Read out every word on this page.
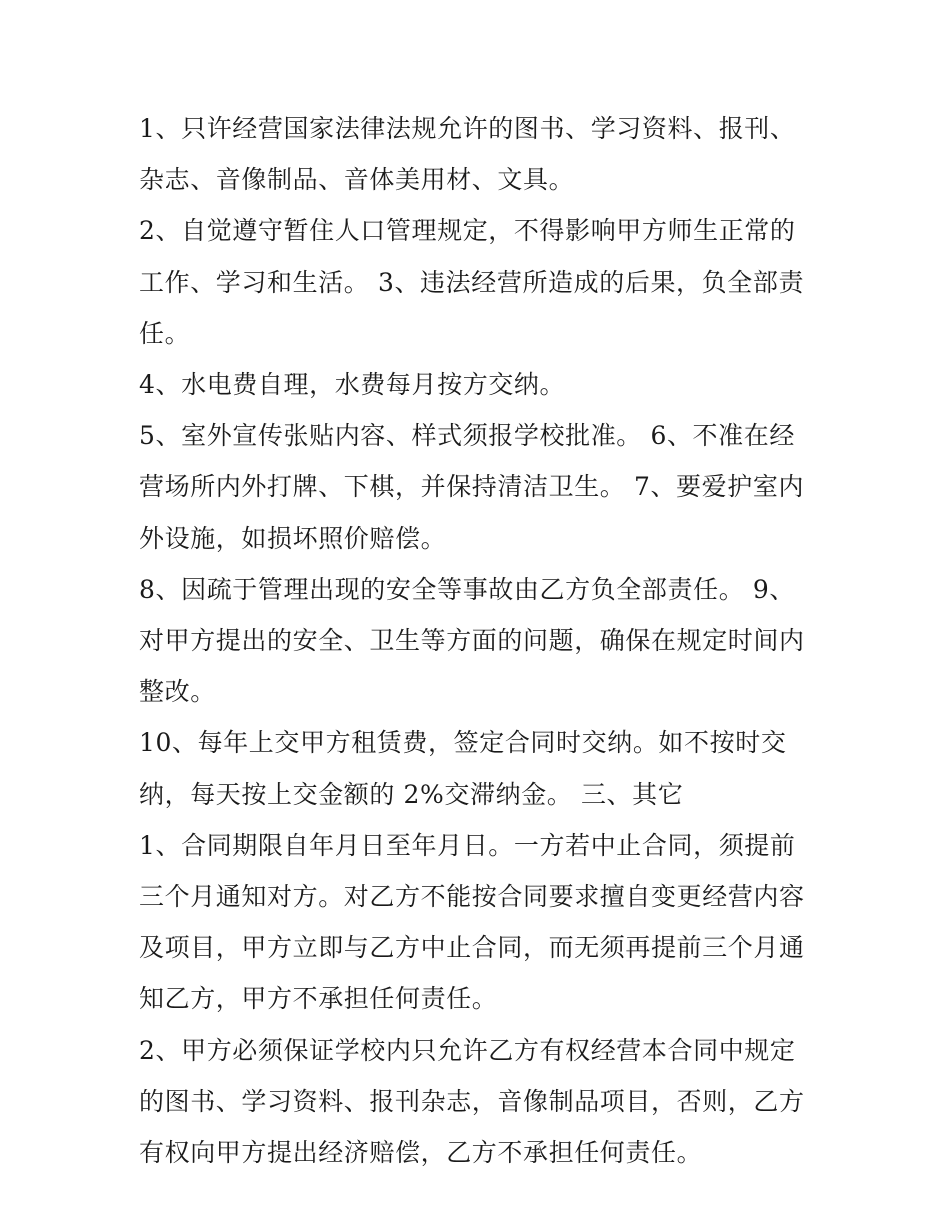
1、只许经营国家法律法规允许的图书、学习资料、报刊、杂志、音像制品、音体美用材、文具。

2、自觉遵守暂住人口管理规定，不得影响甲方师生正常的工作、学习和生活。 3、违法经营所造成的后果，负全部责任。

4、水电费自理，水费每月按方交纳。

5、室外宣传张贴内容、样式须报学校批准。 6、不准在经营场所内外打牌、下棋，并保持清洁卫生。 7、要爱护室内外设施，如损坏照价赔偿。

8、因疏于管理出现的安全等事故由乙方负全部责任。 9、对甲方提出的安全、卫生等方面的问题，确保在规定时间内整改。

10、每年上交甲方租赁费，签定合同时交纳。如不按时交纳，每天按上交金额的 2%交滞纳金。 三、其它

1、合同期限自年月日至年月日。一方若中止合同，须提前三个月通知对方。对乙方不能按合同要求擅自变更经营内容及项目，甲方立即与乙方中止合同，而无须再提前三个月通知乙方，甲方不承担任何责任。

2、甲方必须保证学校内只允许乙方有权经营本合同中规定的图书、学习资料、报刊杂志，音像制品项目，否则，乙方有权向甲方提出经济赔偿，乙方不承担任何责任。
